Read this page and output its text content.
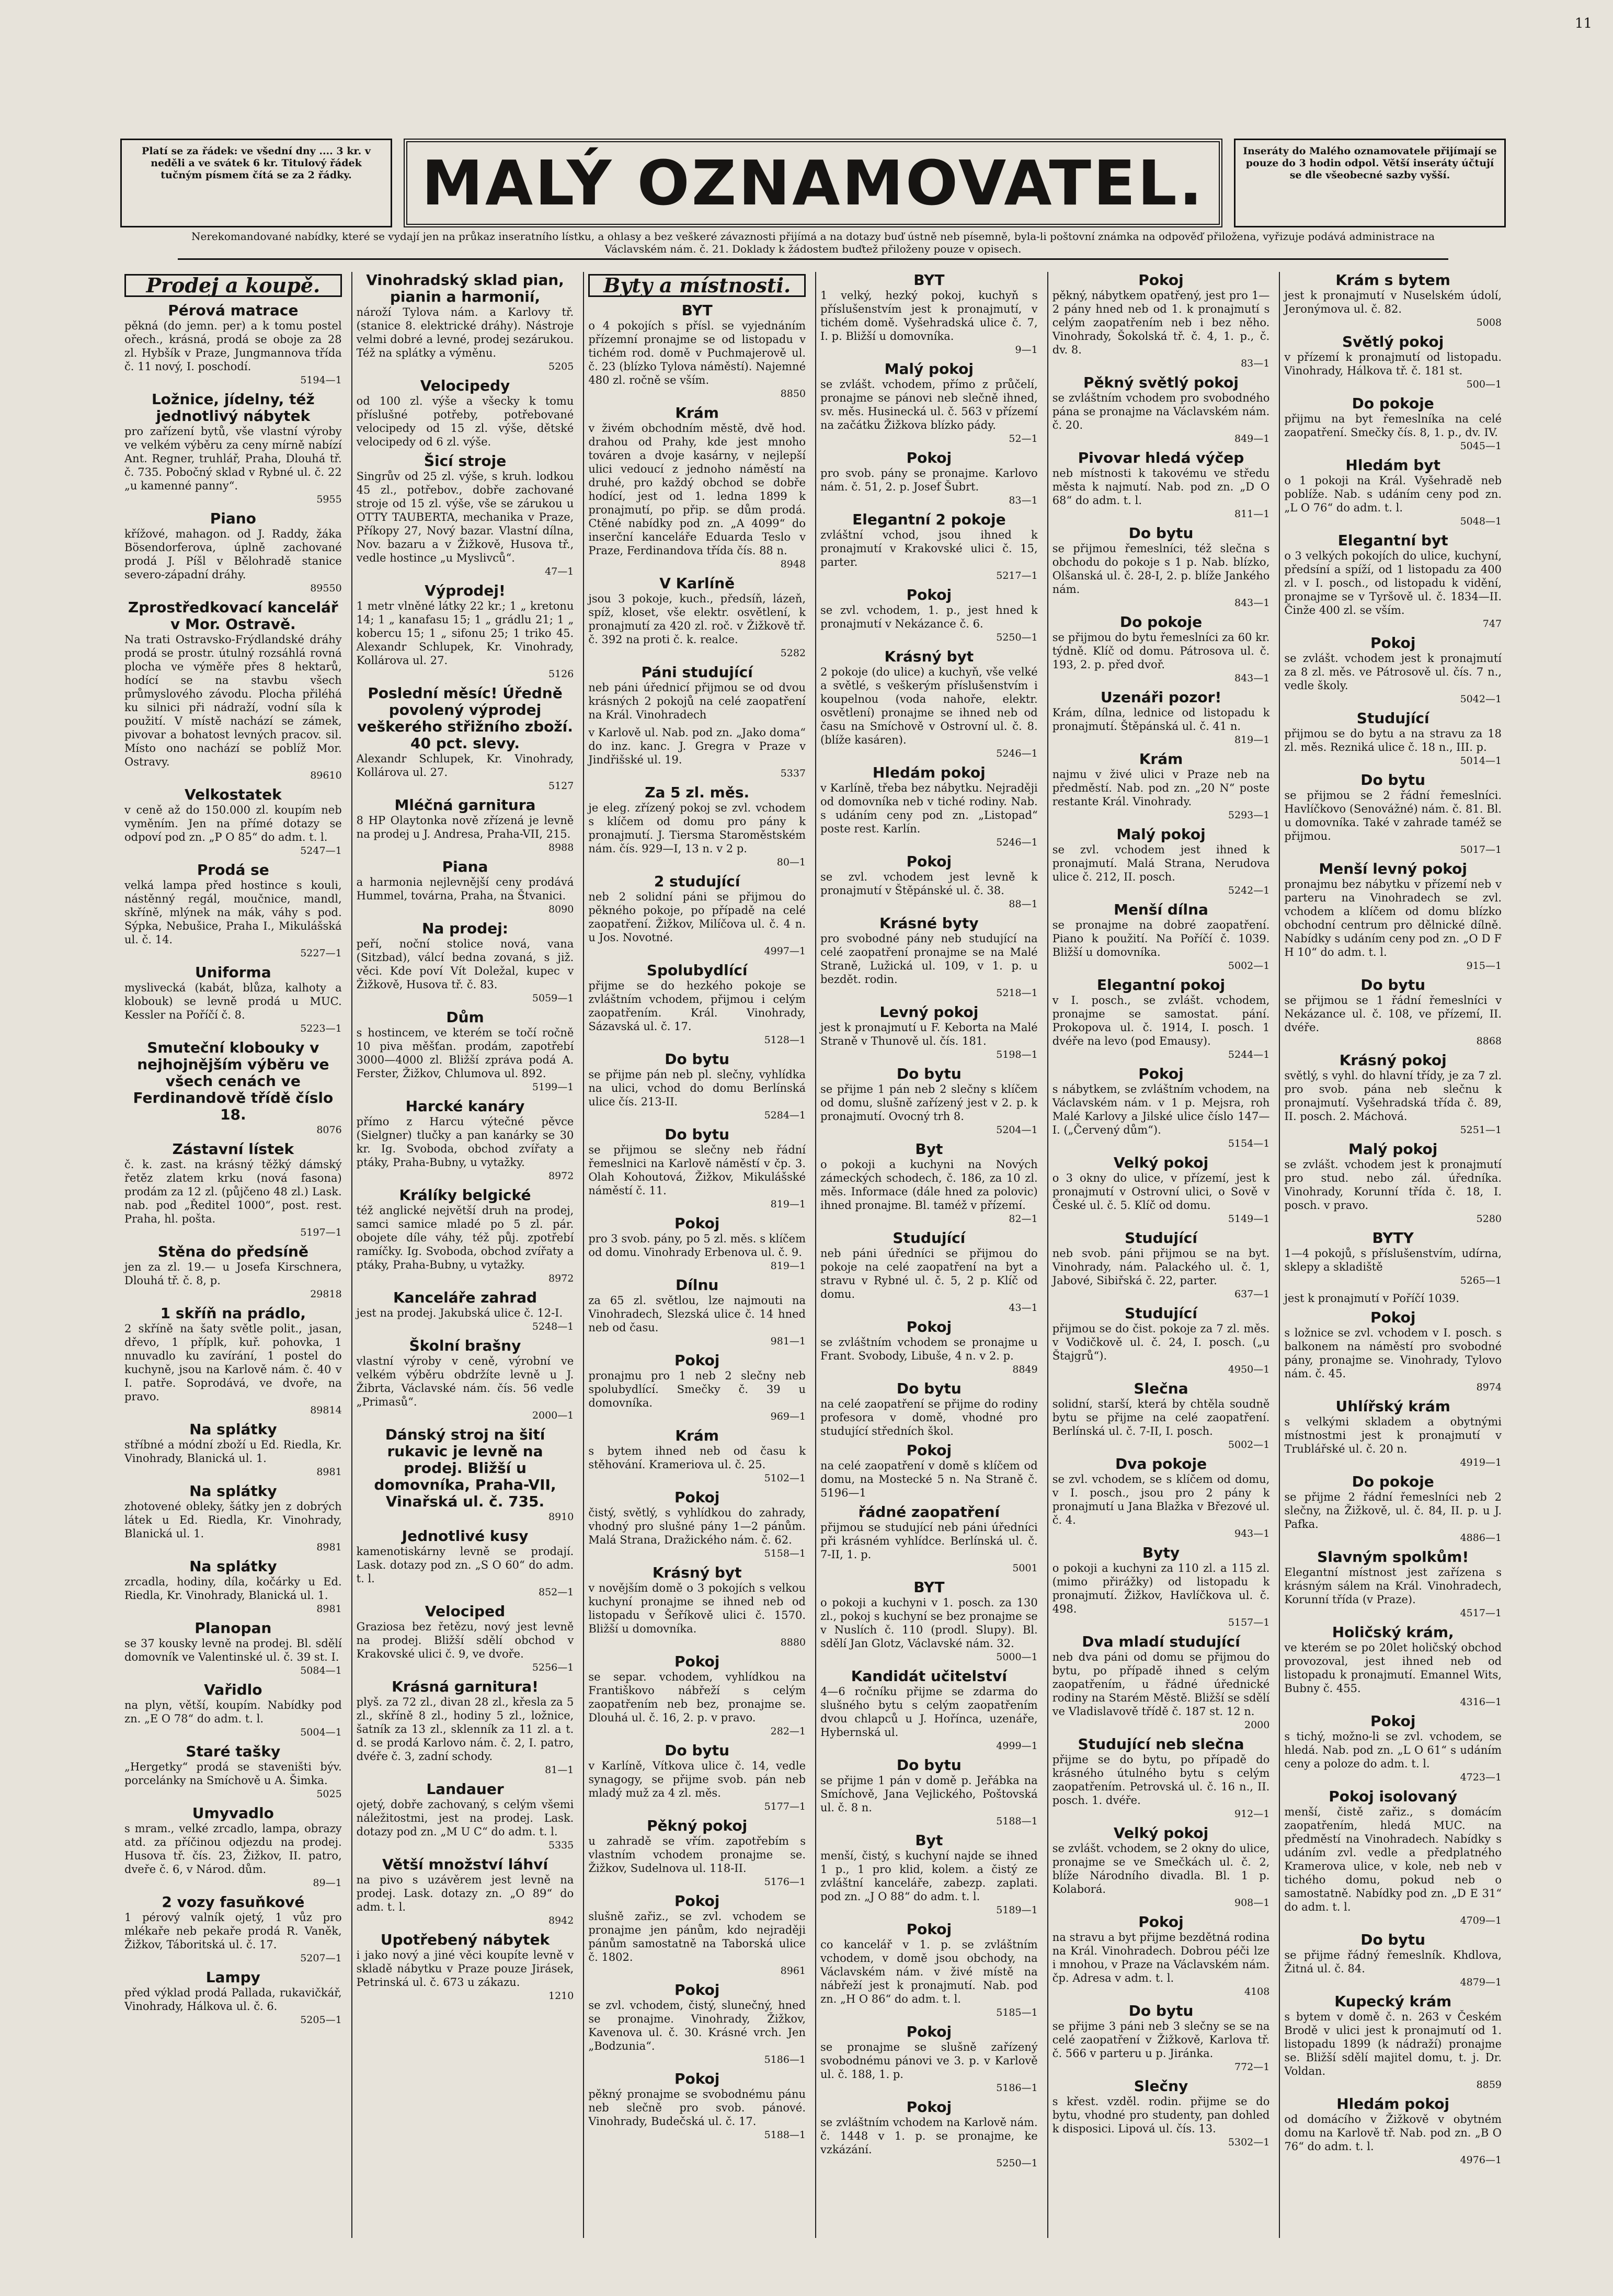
11
Platí se za řádek: ve všední dny .... 3 kr. v neděli a ve svátek 6 kr. Titulový řádek tučným písmem čítá se za 2 řádky.	MALÝ OZNAMOVATEL.	Inseráty do Malého oznamovatele přijímají se pouze do 3 hodin odpol. Větší inseráty účtují se dle všeobecné sazby vyšší.
Nerekomandované nabídky, které se vydají jen na průkaz inseratního lístku, a ohlasy a bez veškeré závaznosti přijímá a na dotazy buď ústně neb písemně, byla-li poštovní známka na odpověď přiložena, vyřizuje podává administrace na Václavském nám. č. 21. Doklady k žádostem buďtež přiloženy pouze v opisech.
Prodej a koupě.
Pérová matrace
pěkná (do jemn. per) a k tomu postel ořech., krásná, prodá se oboje za 28 zl. Hybšík v Praze, Jungmannova třída č. 11 nový, I. poschodí.
5194—1
Ložnice, jídelny, též jednotlivý nábytek
pro zařízení bytů, vše vlastní výroby ve velkém výběru za ceny mírně nabízí Ant. Regner, truhlář, Praha, Dlouhá tř. č. 735. Pobočný sklad v Rybné ul. č. 22 „u kamenné panny“.
5955
Piano
křížové, mahagon. od J. Raddy, žáka Bösendorferova, úplně zachované prodá J. Píšl v Bělohradě stanice severo-západní dráhy.
89550
Zprostředkovací kancelář v Mor. Ostravě.
Na trati Ostravsko-Frýdlandské dráhy prodá se prostr. útulný rozsáhlá rovná plocha ve výměře přes 8 hektarů, hodící se na stavbu všech průmyslového závodu. Plocha přiléhá ku silnici při nádraží, vodní síla k použití. V místě nachází se zámek, pivovar a bohatost levných pracov. sil. Místo ono nachází se poblíž Mor. Ostravy.
89610
Velkostatek
v ceně až do 150.000 zl. koupím neb vyměním. Jen na přímé dotazy se odpoví pod zn. „P O 85“ do adm. t. l.
5247—1
Prodá se
velká lampa před hostince s kouli, nástěnný regál, moučnice, mandl, skříně, mlýnek na mák, váhy s pod. Sýpka, Nebušice, Praha I., Mikulášská ul. č. 14.
5227—1
Uniforma
myslivecká (kabát, blůza, kalhoty a klobouk) se levně prodá u MUC. Kessler na Poříčí č. 8.
5223—1
Smuteční klobouky v nejhojnějším výběru ve všech cenách ve Ferdinandově třídě číslo 18.
8076
Zástavní lístek
č. k. zast. na krásný těžký dámský řetěz zlatem krku (nová fasona) prodám za 12 zl. (půjčeno 48 zl.) Lask. nab. pod „Ředitel 1000“, post. rest. Praha, hl. pošta.
5197—1
Stěna do předsíně
jen za zl. 19.— u Josefa Kirschnera, Dlouhá tř. č. 8, p.
29818
1 skříň na prádlo,
2 skříně na šaty světle polit., jasan, dřevo, 1 příplk, kuř. pohovka, 1 nnuvadlo ku zavírání, 1 postel do kuchyně, jsou na Karlově nám. č. 40 v I. patře. Soprodává, ve dvoře, na pravo.
89814
Na splátky
stříbné a módní zboží u Ed. Riedla, Kr. Vinohrady, Blanická ul. 1.
8981
Na splátky
zhotovené obleky, šátky jen z dobrých látek u Ed. Riedla, Kr. Vinohrady, Blanická ul. 1.
8981
Na splátky
zrcadla, hodiny, díla, kočárky u Ed. Riedla, Kr. Vinohrady, Blanická ul. 1.
8981
Planopan
se 37 kousky levně na prodej. Bl. sdělí domovník ve Valentinské ul. č. 39 st. I.
5084—1
Vařidlo
na plyn, větší, koupím. Nabídky pod zn. „E O 78“ do adm. t. l.
5004—1
Staré tašky
„Hergetky“ prodá se staveništi býv. porcelánky na Smíchově u A. Šimka.
5025
Umyvadlo
s mram., velké zrcadlo, lampa, obrazy atd. za příčinou odjezdu na prodej. Husova tř. čís. 23, Žižkov, II. patro, dveře č. 6, v Národ. dům.
89—1
2 vozy fasuňkové
1 pérový valník ojetý, 1 vůz pro mlékaře neb pekaře prodá R. Vaněk, Žižkov, Táboritská ul. č. 17.
5207—1
Lampy
před výklad prodá Pallada, rukavičkář, Vinohrady, Hálkova ul. č. 6.
5205—1
Vinohradský sklad pian, pianin a harmonií,
nároží Tylova nám. a Karlovy tř. (stanice 8. elektrické dráhy). Nástroje velmi dobré a levné, prodej sezárukou. Též na splátky a výměnu.
5205
Velocipedy
od 100 zl. výše a všecky k tomu příslušné potřeby, potřebované velocipedy od 15 zl. výše, dětské velocipedy od 6 zl. výše.
Šicí stroje
Singrův od 25 zl. výše, s kruh. lodkou 45 zl., potřebov., dobře zachované stroje od 15 zl. výše, vše se zárukou u OTTY TAUBERTA, mechanika v Praze, Příkopy 27, Nový bazar. Vlastní dílna, Nov. bazaru a v Žižkově, Husova tř., vedle hostince „u Myslivců“.
47—1
Výprodej!
1 metr vlněné látky 22 kr.; 1 „ kretonu 14; 1 „ kanafasu 15; 1 „ grádlu 21; 1 „ kobercu 15; 1 „ sifonu 25; 1 triko 45. Alexandr Schlupek, Kr. Vinohrady, Kollárova ul. 27.
5126
Poslední měsíc! Úředně povolený výprodej veškerého střižního zboží. 40 pct. slevy.
Alexandr Schlupek, Kr. Vinohrady, Kollárova ul. 27.
5127
Mléčná garnitura
8 HP Olaytonka nově zřízená je levně na prodej u J. Andresa, Praha-VII, 215.
8988
Piana
a harmonia nejlevnější ceny prodává Hummel, továrna, Praha, na Štvanici.
8090
Na prodej:
peří, noční stolice nová, vana (Sitzbad), válcí bedna zovaná, s již. věci. Kde poví Vít Doležal, kupec v Žižkově, Husova tř. č. 83.
5059—1
Dům
s hostincem, ve kterém se točí ročně 10 piva měšťan. prodám, zapotřebí 3000—4000 zl. Bližší zpráva podá A. Ferster, Žižkov, Chlumova ul. 892.
5199—1
Harcké kanáry
přímo z Harcu výtečné pěvce (Sielgner) tlučky a pan kanárky se 30 kr. Ig. Svoboda, obchod zvířaty a ptáky, Praha-Bubny, u vytažky.
8972
Králíky belgické
též anglické největší druh na prodej, samci samice mladé po 5 zl. pár. obojete díle váhy, též půj. zpotřebí ramíčky. Ig. Svoboda, obchod zvířaty a ptáky, Praha-Bubny, u vytažky.
8972
Kanceláře zahrad
jest na prodej. Jakubská ulice č. 12-I.
5248—1
Školní brašny
vlastní výroby v ceně, výrobní ve velkém výběru obdržíte levně u J. Žibrta, Václavské nám. čís. 56 vedle „Primasů“.
2000—1
Dánský stroj na šití rukavic je levně na prodej. Bližší u domovníka, Praha-VII, Vinařská ul. č. 735.
8910
Jednotlivé kusy
kamenotiskárny levně se prodají. Lask. dotazy pod zn. „S O 60“ do adm. t. l.
852—1
Velociped
Graziosa bez řetězu, nový jest levně na prodej. Bližší sdělí obchod v Krakovské ulici č. 9, ve dvoře.
5256—1
Krásná garnitura!
plyš. za 72 zl., divan 28 zl., křesla za 5 zl., skříně 8 zl., hodiny 5 zl., ložnice, šatník za 13 zl., sklenník za 11 zl. a t. d. se prodá Karlovo nám. č. 2, I. patro, dvéře č. 3, zadní schody.
81—1
Landauer
ojetý, dobře zachovaný, s celým všemi náležitostmi, jest na prodej. Lask. dotazy pod zn. „M U C“ do adm. t. l.
5335
Větší množství láhví
na pivo s uzávěrem jest levně na prodej. Lask. dotazy zn. „O 89“ do adm. t. l.
8942
Upotřebený nábytek
i jako nový a jiné věci koupíte levně v skladě nábytku v Praze pouze Jirásek, Petrinská ul. č. 673 u zákazu.
1210
Byty a místnosti.
BYT
o 4 pokojích s přísl. se vyjednáním přízemní pronajme se od listopadu v tichém rod. domě v Puchmajerově ul. č. 23 (blízko Tylova náměstí). Najemné 480 zl. ročně se vším.
8850
Krám
v živém obchodním městě, dvě hod. drahou od Prahy, kde jest mnoho továren a dvoje kasárny, v nejlepší ulici vedoucí z jednoho náměstí na druhé, pro každý obchod se dobře hodící, jest od 1. ledna 1899 k pronajmutí, po přip. se dům prodá. Ctěné nabídky pod zn. „A 4099“ do inserční kanceláře Eduarda Teslo v Praze, Ferdinandova třída čís. 88 n.
8948
V Karlíně
jsou 3 pokoje, kuch., předsíň, lázeň, spíž, kloset, vše elektr. osvětlení, k pronajmutí za 420 zl. roč. v Žižkově tř. č. 392 na proti č. k. realce.
5282
Páni studující
neb páni úřednicí přijmou se od dvou krásných 2 pokojů na celé zaopatření na Král. Vinohradech
v Karlově ul. Nab. pod zn. „Jako doma“ do inz. kanc. J. Gregra v Praze v Jindřišské ul. 19.
5337
Za 5 zl. měs.
je eleg. zřízený pokoj se zvl. vchodem s klíčem od domu pro pány k pronajmutí. J. Tiersma Staroměstském nám. čís. 929—I, 13 n. v 2 p.
80—1
2 studující
neb 2 solidní páni se přijmou do pěkného pokoje, po případě na celé zaopatření. Žižkov, Milíčova ul. č. 4 n. u Jos. Novotné.
4997—1
Spolubydlící
přijme se do hezkého pokoje se zvláštním vchodem, přijmou i celým zaopatřením. Král. Vinohrady, Sázavská ul. č. 17.
5128—1
Do bytu
se přijme pán neb pl. slečny, vyhlídka na ulici, vchod do domu Berlínská ulice čís. 213-II.
5284—1
Do bytu
se přijmou se slečny neb řádní řemeslnici na Karlově náměstí v čp. 3. Olah Kohoutová, Žižkov, Mikulášské náměstí č. 11.
819—1
Pokoj
pro 3 svob. pány, po 5 zl. měs. s klíčem od domu. Vinohrady Erbenova ul. č. 9.
819—1
Dílnu
za 65 zl. světlou, lze najmouti na Vinohradech, Slezská ulice č. 14 hned neb od času.
981—1
Pokoj
pronajmu pro 1 neb 2 slečny neb spolubydlící. Smečky č. 39 u domovníka.
969—1
Krám
s bytem ihned neb od času k stěhování. Krameriova ul. č. 25.
5102—1
Pokoj
čistý, světlý, s vyhlídkou do zahrady, vhodný pro slušné pány 1—2 pánům. Malá Strana, Dražického nám. č. 62.
5158—1
Krásný byt
v novějším domě o 3 pokojích s velkou kuchyní pronajme se ihned neb od listopadu v Šeříkově ulici č. 1570. Bližší u domovníka.
8880
Pokoj
se separ. vchodem, vyhlídkou na Františkovo nábřeží s celým zaopatřením neb bez, pronajme se. Dlouhá ul. č. 16, 2. p. v pravo.
282—1
Do bytu
v Karlíně, Vítkova ulice č. 14, vedle synagogy, se přijme svob. pán neb mladý muž za 4 zl. měs.
5177—1
Pěkný pokoj
u zahradě se vřím. zapotřebím s vlastním vchodem pronajme se. Žižkov, Sudelnova ul. 118-II.
5176—1
Pokoj
slušně zařiz., se zvl. vchodem se pronajme jen pánům, kdo nejraději pánům samostatně na Taborská ulice č. 1802.
8961
Pokoj
se zvl. vchodem, čistý, slunečný, hned se pronajme. Vinohrady, Žižkov, Kavenova ul. č. 30. Krásné vrch. Jen „Bodzunia“.
5186—1
Pokoj
pěkný pronajme se svobodnému pánu neb slečně pro svob. pánové. Vinohrady, Budečská ul. č. 17.
5188—1
BYT
1 velký, hezký pokoj, kuchyň s příslušenstvím jest k pronajmutí, v tichém domě. Vyšehradská ulice č. 7, I. p. Bližší u domovníka.
9—1
Malý pokoj
se zvlášt. vchodem, přímo z průčelí, pronajme se pánovi neb slečně ihned, sv. měs. Husinecká ul. č. 563 v přízemí na začátku Žižkova blízko pády.
52—1
Pokoj
pro svob. pány se pronajme. Karlovo nám. č. 51, 2. p. Josef Šubrt.
83—1
Elegantní 2 pokoje
zvláštní vchod, jsou ihned k pronajmutí v Krakovské ulici č. 15, parter.
5217—1
Pokoj
se zvl. vchodem, 1. p., jest hned k pronajmutí v Nekázance č. 6.
5250—1
Krásný byt
2 pokoje (do ulice) a kuchyň, vše velké a světlé, s veškerým příslušenstvím i koupelnou (voda nahoře, elektr. osvětlení) pronajme se ihned neb od času na Smíchově v Ostrovní ul. č. 8. (blíže kasáren).
5246—1
Hledám pokoj
v Karlíně, třeba bez nábytku. Nejraději od domovníka neb v tiché rodiny. Nab. s udáním ceny pod zn. „Listopad“ poste rest. Karlín.
5246—1
Pokoj
se zvl. vchodem jest levně k pronajmutí v Štěpánské ul. č. 38.
88—1
Krásné byty
pro svobodné pány neb studující na celé zaopatření pronajme se na Malé Straně, Lužická ul. 109, v 1. p. u bezdět. rodin.
5218—1
Levný pokoj
jest k pronajmutí u F. Keborta na Malé Straně v Thunově ul. čís. 181.
5198—1
Do bytu
se přijme 1 pán neb 2 slečny s klíčem od domu, slušně zařízený jest v 2. p. k pronajmutí. Ovocný trh 8.
5204—1
Byt
o pokoji a kuchyni na Nových zámeckých schodech, č. 186, za 10 zl. měs. Informace (dále hned za polovic) ihned pronajme. Bl. taméž v přízemí.
82—1
Studující
neb páni úředníci se přijmou do pokoje na celé zaopatření na byt a stravu v Rybné ul. č. 5, 2 p. Klíč od domu.
43—1
Pokoj
se zvláštním vchodem se pronajme u Frant. Svobody, Libuše, 4 n. v 2. p.
8849
Do bytu
na celé zaopatření se přijme do rodiny profesora v domě, vhodné pro studující středních škol.
Pokoj
na celé zaopatření v domě s klíčem od domu, na Mostecké 5 n. Na Straně č. 5196—1
řádné zaopatření
přijmou se studující neb páni úředníci při krásném vyhlídce. Berlínská ul. č. 7-II, 1. p.
5001
BYT
o pokoji a kuchyni v 1. posch. za 130 zl., pokoj s kuchyní se bez pronajme se v Nuslích č. 110 (prodl. Slupy). Bl. sdělí Jan Glotz, Václavské nám. 32.
5000—1
Kandidát učitelství
4—6 ročníku přijme se zdarma do slušného bytu s celým zaopatřením dvou chlapců u J. Hořínca, uzenáře, Hybernská ul.
4999—1
Do bytu
se přijme 1 pán v domě p. Jeřábka na Smíchově, Jana Vejlického, Poštovská ul. č. 8 n.
5188—1
Byt
menší, čistý, s kuchyní najde se ihned 1 p., 1 pro klid, kolem. a čistý ze zvláštní kanceláře, zabezp. zaplati. pod zn. „J O 88“ do adm. t. l.
5189—1
Pokoj
co kancelář v 1. p. se zvláštním vchodem, v domě jsou obchody, na Václavském nám. v živé místě na nábřeží jest k pronajmutí. Nab. pod zn. „H O 86“ do adm. t. l.
5185—1
Pokoj
se pronajme se slušně zařízený svobodnému pánovi ve 3. p. v Karlově ul. č. 188, 1. p.
5186—1
Pokoj
se zvláštním vchodem na Karlově nám. č. 1448 v 1. p. se pronajme, ke vzkázání.
5250—1
Pokoj
pěkný, nábytkem opatřený, jest pro 1—2 pány hned neb od 1. k pronajmutí s celým zaopatřením neb i bez něho. Vinohrady, Šokolská tř. č. 4, 1. p., č. dv. 8.
83—1
Pěkný světlý pokoj
se zvláštním vchodem pro svobodného pána se pronajme na Václavském nám. č. 20.
849—1
Pivovar hledá výčep
neb místnosti k takovému ve středu města k najmutí. Nab. pod zn. „D O 68“ do adm. t. l.
811—1
Do bytu
se přijmou řemeslníci, též slečna s obchodu do pokoje s 1 p. Nab. blízko, Olšanská ul. č. 28-I, 2. p. blíže Jankého nám.
843—1
Do pokoje
se přijmou do bytu řemeslníci za 60 kr. týdně. Klíč od domu. Pátrosova ul. č. 193, 2. p. před dvoř.
843—1
Uzenáři pozor!
Krám, dílna, lednice od listopadu k pronajmutí. Štěpánská ul. č. 41 n.
819—1
Krám
najmu v živé ulici v Praze neb na předměstí. Nab. pod zn. „20 N“ poste restante Král. Vinohrady.
5293—1
Malý pokoj
se zvl. vchodem jest ihned k pronajmutí. Malá Strana, Nerudova ulice č. 212, II. posch.
5242—1
Menší dílna
se pronajme na dobré zaopatření. Piano k použití. Na Poříčí č. 1039. Bližší u domovníka.
5002—1
Elegantní pokoj
v I. posch., se zvlášt. vchodem, pronajme se samostat. pání. Prokopova ul. č. 1914, I. posch. 1 dvéře na levo (pod Emausy).
5244—1
Pokoj
s nábytkem, se zvláštním vchodem, na Václavském nám. v 1 p. Mejsra, roh Malé Karlovy a Jilské ulice číslo 147—I. („Červený dům“).
5154—1
Velký pokoj
o 3 okny do ulice, v přízemí, jest k pronajmutí v Ostrovní ulici, o Sově v České ul. č. 5. Klíč od domu.
5149—1
Studující
neb svob. páni přijmou se na byt. Vinohrady, nám. Palackého ul. č. 1, Jabové, Sibiřská č. 22, parter.
637—1
Studující
přijmou se do čist. pokoje za 7 zl. měs. v Vodičkově ul. č. 24, I. posch. („u Štajgrů“).
4950—1
Slečna
solidní, starší, která by chtěla soudně bytu se přijme na celé zaopatření. Berlínská ul. č. 7-II, I. posch.
5002—1
Dva pokoje
se zvl. vchodem, se s klíčem od domu, v I. posch., jsou pro 2 pány k pronajmutí u Jana Blažka v Březové ul. č. 4.
943—1
Byty
o pokoji a kuchyni za 110 zl. a 115 zl. (mimo přirážky) od listopadu k pronajmutí. Žižkov, Havlíčkova ul. č. 498.
5157—1
Dva mladí studující
neb dva páni od domu se přijmou do bytu, po případě ihned s celým zaopatřením, u řádné úřednické rodiny na Starém Městě. Bližší se sdělí ve Vladislavově třídě č. 187 st. 12 n.
2000
Studující neb slečna
přijme se do bytu, po případě do krásného útulného bytu s celým zaopatřením. Petrovská ul. č. 16 n., II. posch. 1. dvéře.
912—1
Velký pokoj
se zvlášt. vchodem, se 2 okny do ulice, pronajme se ve Smečkách ul. č. 2, blíže Národního divadla. Bl. 1 p. Kolaborá.
908—1
Pokoj
na stravu a byt přijme bezdětná rodina na Král. Vinohradech. Dobrou péči lze i mnohou, v Praze na Václavském nám. čp. Adresa v adm. t. l.
4108
Do bytu
se přijme 3 páni neb 3 slečny se se na celé zaopatření v Žižkově, Karlova tř. č. 566 v parteru u p. Jiránka.
772—1
Slečny
s křest. vzděl. rodin. přijme se do bytu, vhodné pro studenty, pan dohled k disposici. Lipová ul. čís. 13.
5302—1
Krám s bytem
jest k pronajmutí v Nuselském údolí, Jeronýmova ul. č. 82.
5008
Světlý pokoj
v přízemí k pronajmutí od listopadu. Vinohrady, Hálkova tř. č. 181 st.
500—1
Do pokoje
přijmu na byt řemeslníka na celé zaopatření. Smečky čís. 8, 1. p., dv. IV.
5045—1
Hledám byt
o 1 pokoji na Král. Vyšehradě neb poblíže. Nab. s udáním ceny pod zn. „L O 76“ do adm. t. l.
5048—1
Elegantní byt
o 3 velkých pokojích do ulice, kuchyní, předsíní a spíží, od 1 listopadu za 400 zl. v I. posch., od listopadu k vidění, pronajme se v Tyršově ul. č. 1834—II. Činže 400 zl. se vším.
747
Pokoj
se zvlášt. vchodem jest k pronajmutí za 8 zl. měs. ve Pátrosově ul. čís. 7 n., vedle školy.
5042—1
Studující
přijmou se do bytu a na stravu za 18 zl. měs. Rezniká ulice č. 18 n., III. p.
5014—1
Do bytu
se přijmou se 2 řádní řemeslníci. Havlíčkovo (Senovážné) nám. č. 81. Bl. u domovníka. Také v zahrade taméž se přijmou.
5017—1
Menší levný pokoj
pronajmu bez nábytku v přízemí neb v parteru na Vinohradech se zvl. vchodem a klíčem od domu blízko obchodní centrum pro dělnické dílně. Nabídky s udáním ceny pod zn. „O D F H 10“ do adm. t. l.
915—1
Do bytu
se přijmou se 1 řádní řemeslníci v Nekázance ul. č. 108, ve přízemí, II. dvéře.
8868
Krásný pokoj
světlý, s vyhl. do hlavní třídy, je za 7 zl. pro svob. pána neb slečnu k pronajmutí. Vyšehradská třída č. 89, II. posch. 2. Máchová.
5251—1
Malý pokoj
se zvlášt. vchodem jest k pronajmutí pro stud. nebo zál. úředníka. Vinohrady, Korunní třída č. 18, I. posch. v pravo.
5280
BYTY
1—4 pokojů, s příslušenstvím, udírna, sklepy a skladiště
5265—1
jest k pronajmutí v Poříčí 1039.
Pokoj
s ložnice se zvl. vchodem v I. posch. s balkonem na náměstí pro svobodné pány, pronajme se. Vinohrady, Tylovo nám. č. 45.
8974
Uhlířský krám
s velkými skladem a obytnými místnostmi jest k pronajmutí v Trublářské ul. č. 20 n.
4919—1
Do pokoje
se přijme 2 řádní řemeslníci neb 2 slečny, na Žižkově, ul. č. 84, II. p. u J. Pafka.
4886—1
Slavným spolkům!
Elegantní místnost jest zařízena s krásným sálem na Král. Vinohradech, Korunní třída (v Praze).
4517—1
Holičský krám,
ve kterém se po 20let holičský obchod provozoval, jest ihned neb od listopadu k pronajmutí. Emannel Wits, Bubny č. 455.
4316—1
Pokoj
s tichý, možno-li se zvl. vchodem, se hledá. Nab. pod zn. „L O 61“ s udáním ceny a poloze do adm. t. l.
4723—1
Pokoj isolovaný
menší, čistě zařiz., s domácím zaopatřením, hledá MUC. na předměstí na Vinohradech. Nabídky s udáním zvl. vedle a předplatného Kramerova ulice, v kole, neb neb v tichého domu, pokud neb o samostatně. Nabídky pod zn. „D E 31“ do adm. t. l.
4709—1
Do bytu
se přijme řádný řemeslník. Khdlova, Žitná ul. č. 84.
4879—1
Kupecký krám
s bytem v domě č. n. 263 v Českém Brodě v ulici jest k pronajmutí od 1. listopadu 1899 (k nádraží) pronajme se. Bližší sdělí majitel domu, t. j. Dr. Voldan.
8859
Hledám pokoj
od domácího v Žižkově v obytném domu na Karlově tř. Nab. pod zn. „B O 76“ do adm. t. l.
4976—1
